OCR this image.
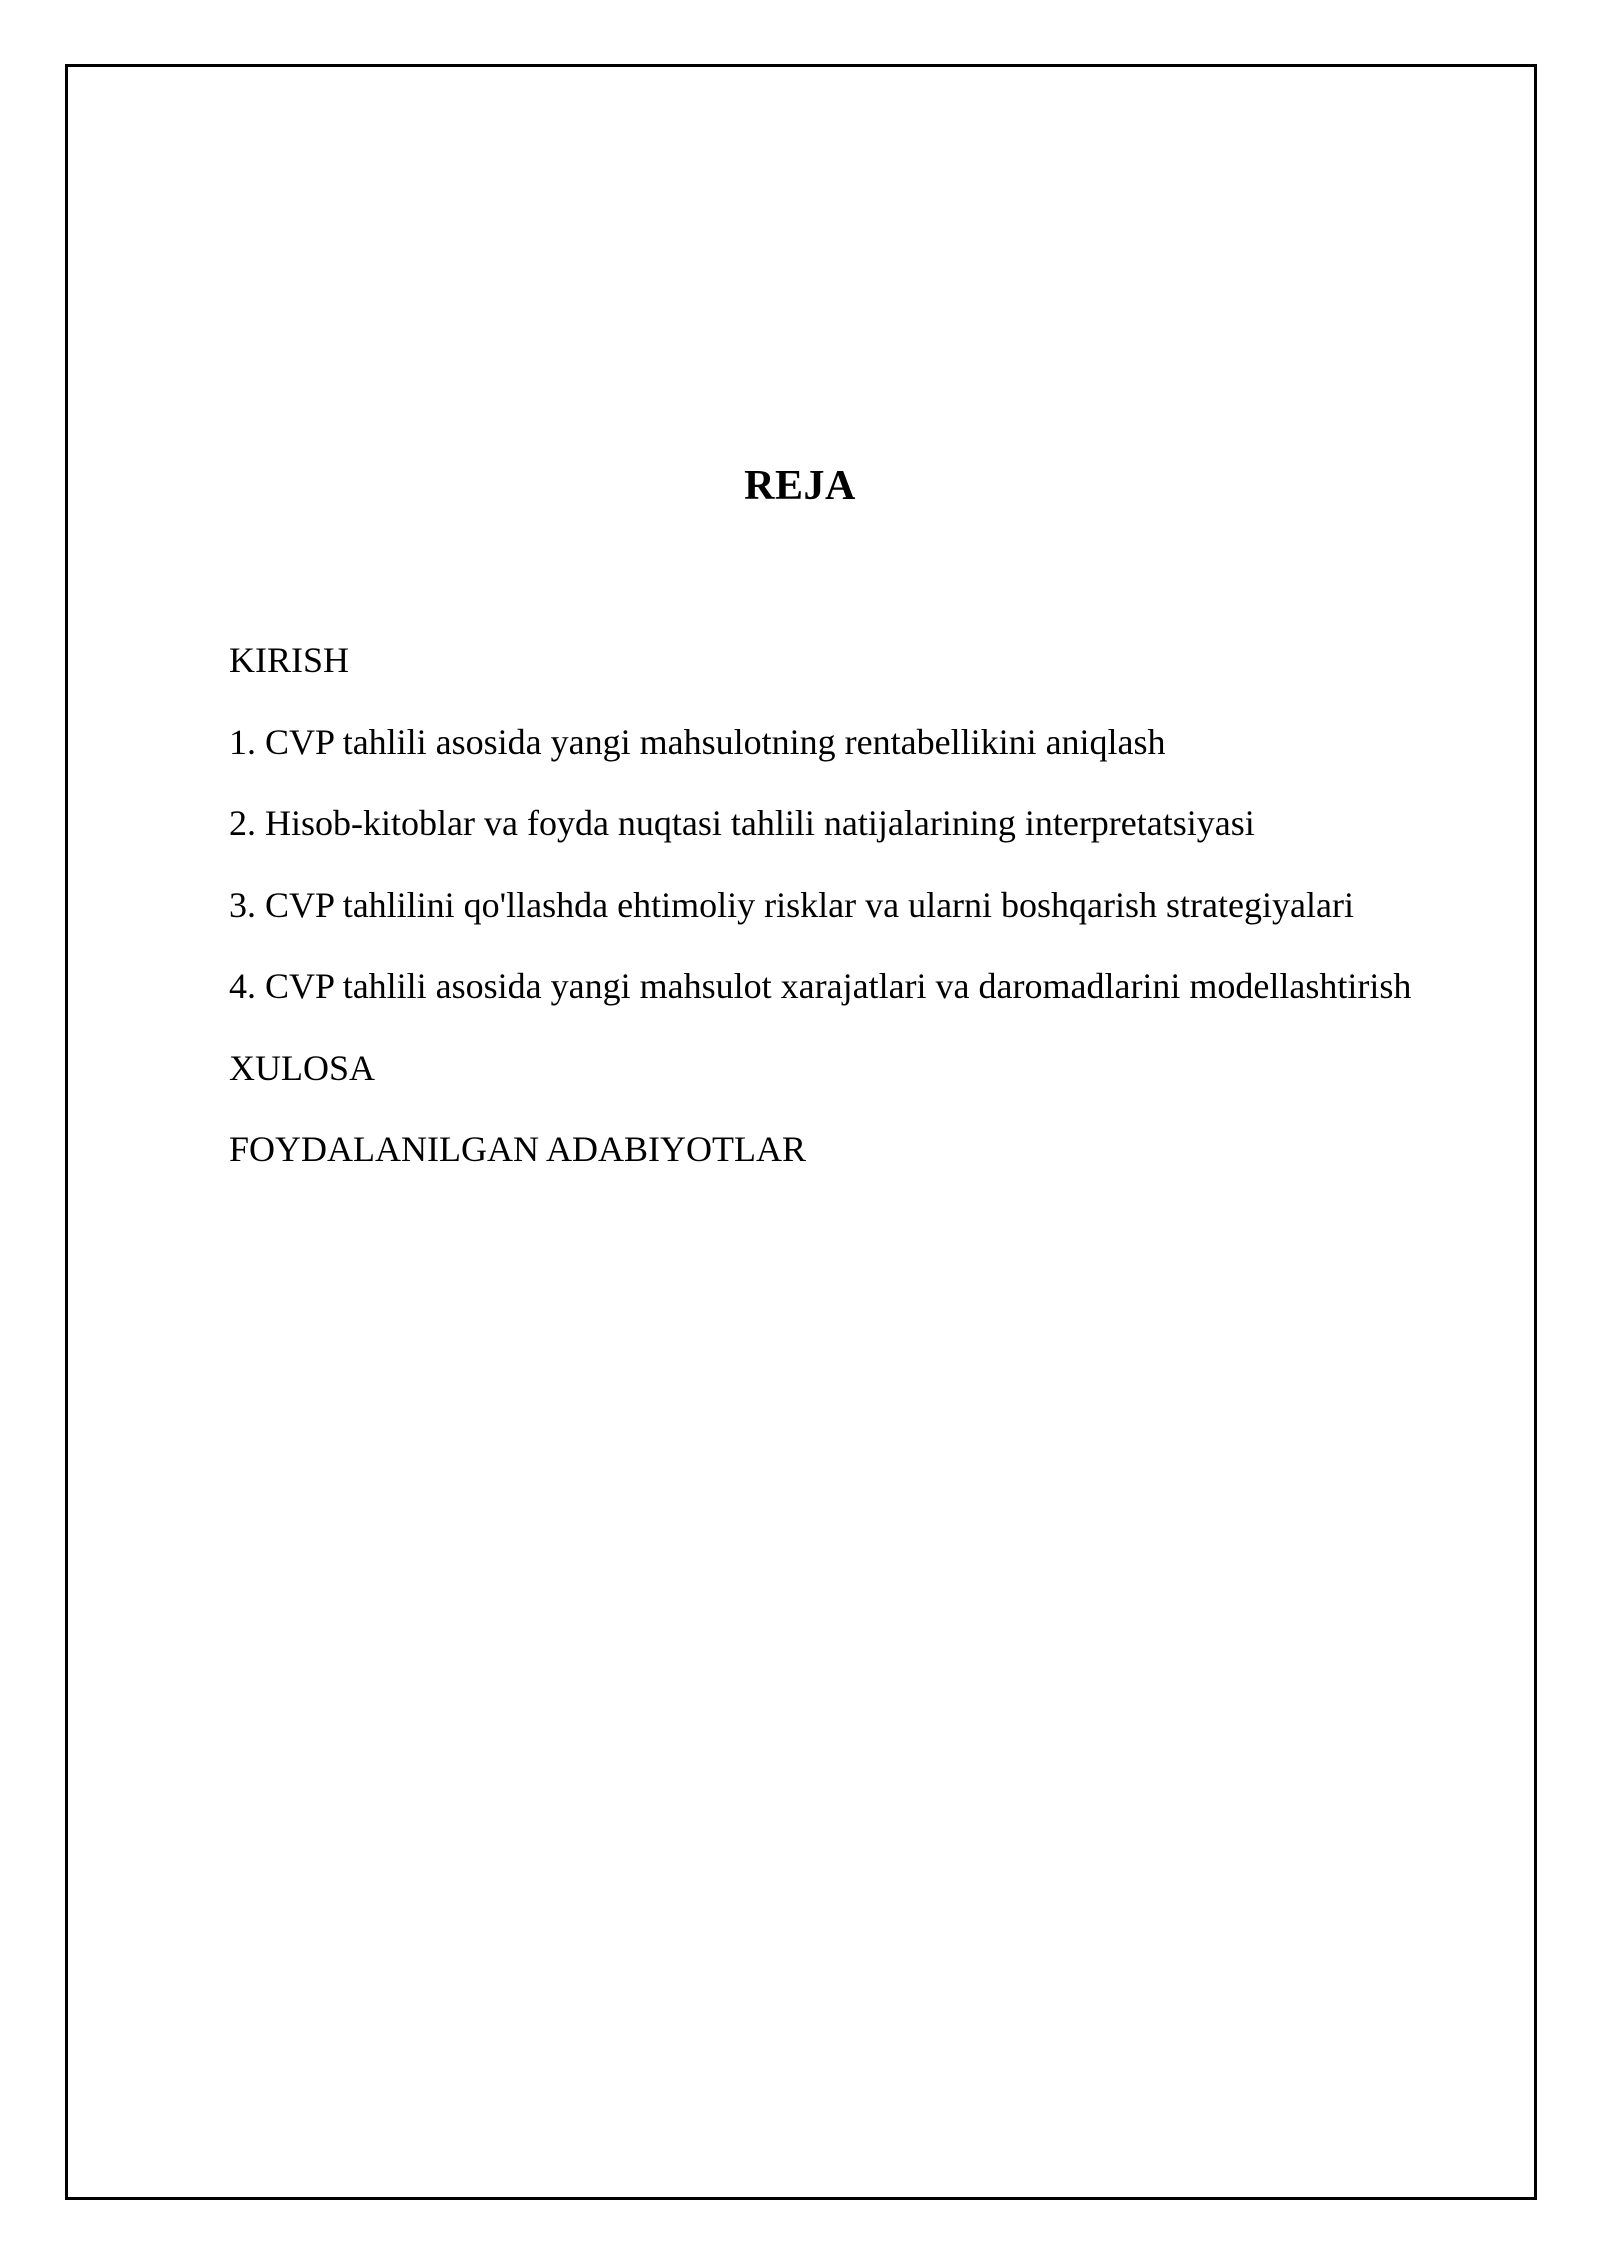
REJA
KIRISH
1. CVP tahlili asosida yangi mahsulotning rentabellikini aniqlash
2. Hisob-kitoblar va foyda nuqtasi tahlili natijalarining interpretatsiyasi
3. CVP tahlilini qo'llashda ehtimoliy risklar va ularni boshqarish strategiyalari
4. CVP tahlili asosida yangi mahsulot xarajatlari va daromadlarini modellashtirish
XULOSA
FOYDALANILGAN ADABIYOTLAR
